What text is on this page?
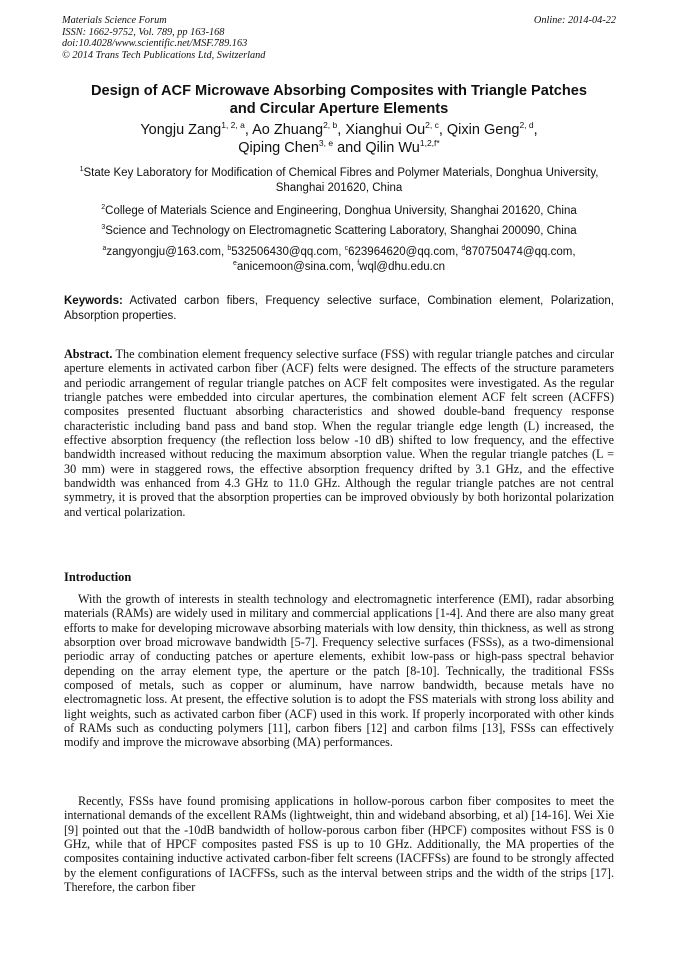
Materials Science Forum
ISSN: 1662-9752, Vol. 789, pp 163-168
doi:10.4028/www.scientific.net/MSF.789.163
© 2014 Trans Tech Publications Ltd, Switzerland
Online: 2014-04-22
Design of ACF Microwave Absorbing Composites with Triangle Patches
and Circular Aperture Elements
Yongju Zang$^{1, 2, a}$, Ao Zhuang$^{2, b}$, Xianghui Ou$^{2, c}$, Qixin Geng$^{2, d}$,
Qiping Chen$^{3, e}$ and Qilin $Wu^{1,2,f*}$
$^1$State Key Laboratory for Modification of Chemical Fibres and Polymer Materials, Donghua University, Shanghai 201620, China
$^2$College of Materials Science and Engineering, Donghua University, Shanghai 201620, China
$^3$Science and Technology on Electromagnetic Scattering Laboratory, Shanghai 200090, China
$^a$zangyongju@163.com, $^b$532506430@qq.com, $^c$623964620@qq.com, $^d$870750474@qq.com,
$^e$anicemoon@sina.com, $^f$wql@dhu.edu.cn
Keywords: Activated carbon fibers, Frequency selective surface, Combination element, Polarization, Absorption properties.
Abstract. The combination element frequency selective surface (FSS) with regular triangle patches and circular aperture elements in activated carbon fiber (ACF) felts were designed. The effects of the structure parameters and periodic arrangement of regular triangle patches on ACF felt composites were investigated. As the regular triangle patches were embedded into circular apertures, the combination element ACF felt screen (ACFFS) composites presented fluctuant absorbing characteristics and showed double-band frequency response characteristic including band pass and band stop. When the regular triangle edge length (L) increased, the effective absorption frequency (the reflection loss below -10 dB) shifted to low frequency, and the effective bandwidth increased without reducing the maximum absorption value. When the regular triangle patches (L = 30 mm) were in staggered rows, the effective absorption frequency drifted by 3.1 GHz, and the effective bandwidth was enhanced from 4.3 GHz to 11.0 GHz. Although the regular triangle patches are not central symmetry, it is proved that the absorption properties can be improved obviously by both horizontal polarization and vertical polarization.
Introduction
With the growth of interests in stealth technology and electromagnetic interference (EMI), radar absorbing materials (RAMs) are widely used in military and commercial applications [1-4]. And there are also many great efforts to make for developing microwave absorbing materials with low density, thin thickness, as well as strong absorption over broad microwave bandwidth [5-7]. Frequency selective surfaces (FSSs), as a two-dimensional periodic array of conducting patches or aperture elements, exhibit low-pass or high-pass spectral behavior depending on the array element type, the aperture or the patch [8-10]. Technically, the traditional FSSs composed of metals, such as copper or aluminum, have narrow bandwidth, because metals have no electromagnetic loss. At present, the effective solution is to adopt the FSS materials with strong loss ability and light weights, such as activated carbon fiber (ACF) used in this work. If properly incorporated with other kinds of RAMs such as conducting polymers [11], carbon fibers [12] and carbon films [13], FSSs can effectively modify and improve the microwave absorbing (MA) performances.
Recently, FSSs have found promising applications in hollow-porous carbon fiber composites to meet the international demands of the excellent RAMs (lightweight, thin and wideband absorbing, et al) [14-16]. Wei Xie [9] pointed out that the -10dB bandwidth of hollow-porous carbon fiber (HPCF) composites without FSS is 0 GHz, while that of HPCF composites pasted FSS is up to 10 GHz. Additionally, the MA properties of the composites containing inductive activated carbon-fiber felt screens (IACFFSs) are found to be strongly affected by the element configurations of IACFFSs, such as the interval between strips and the width of the strips [17]. Therefore, the carbon fiber
